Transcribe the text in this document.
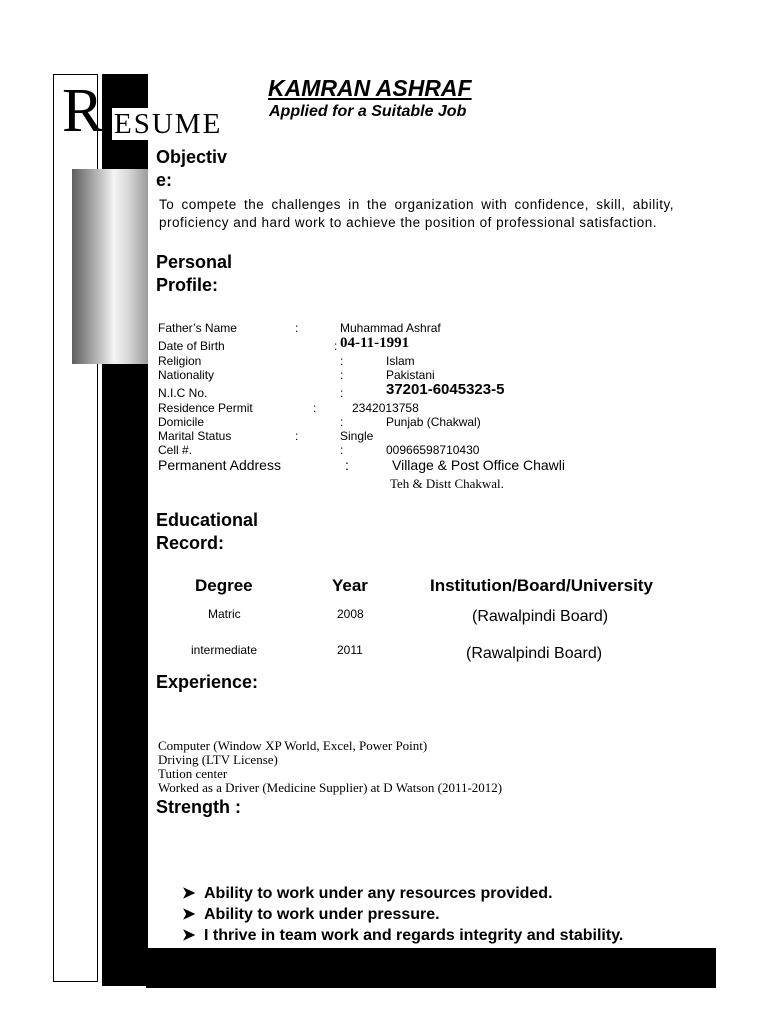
R ESUME
KAMRAN ASHRAF
Applied for a Suitable Job
Objectiv
e:
To compete the challenges in the organization with confidence, skill, ability, proficiency and hard work to achieve the position of professional satisfaction.
Personal
Profile:
Father’s Name	:	Muhammad Ashraf
Date of Birth	: 04-11-1991
Religion	:	Islam
Nationality	:	Pakistani
N.I.C No.	:	37201-6045323-5
Residence Permit	:	2342013758
Domicile	:	Punjab (Chakwal)
Marital Status	:	Single
Cell #.	:	00966598710430
Permanent Address	:	Village & Post Office Chawli
Teh & Distt Chakwal.
Educational
Record:
Degree	Year	Institution/Board/University
Matric	2008	(Rawalpindi Board)
intermediate	2011	(Rawalpindi Board)
Experience:
Computer (Window XP World, Excel, Power Point)
Driving (LTV License)
Tution center
Worked as a Driver (Medicine Supplier) at D Watson (2011-2012)
Strength :
➤ Ability to work under any resources provided.
➤ Ability to work under pressure.
➤ I thrive in team work and regards integrity and stability.
